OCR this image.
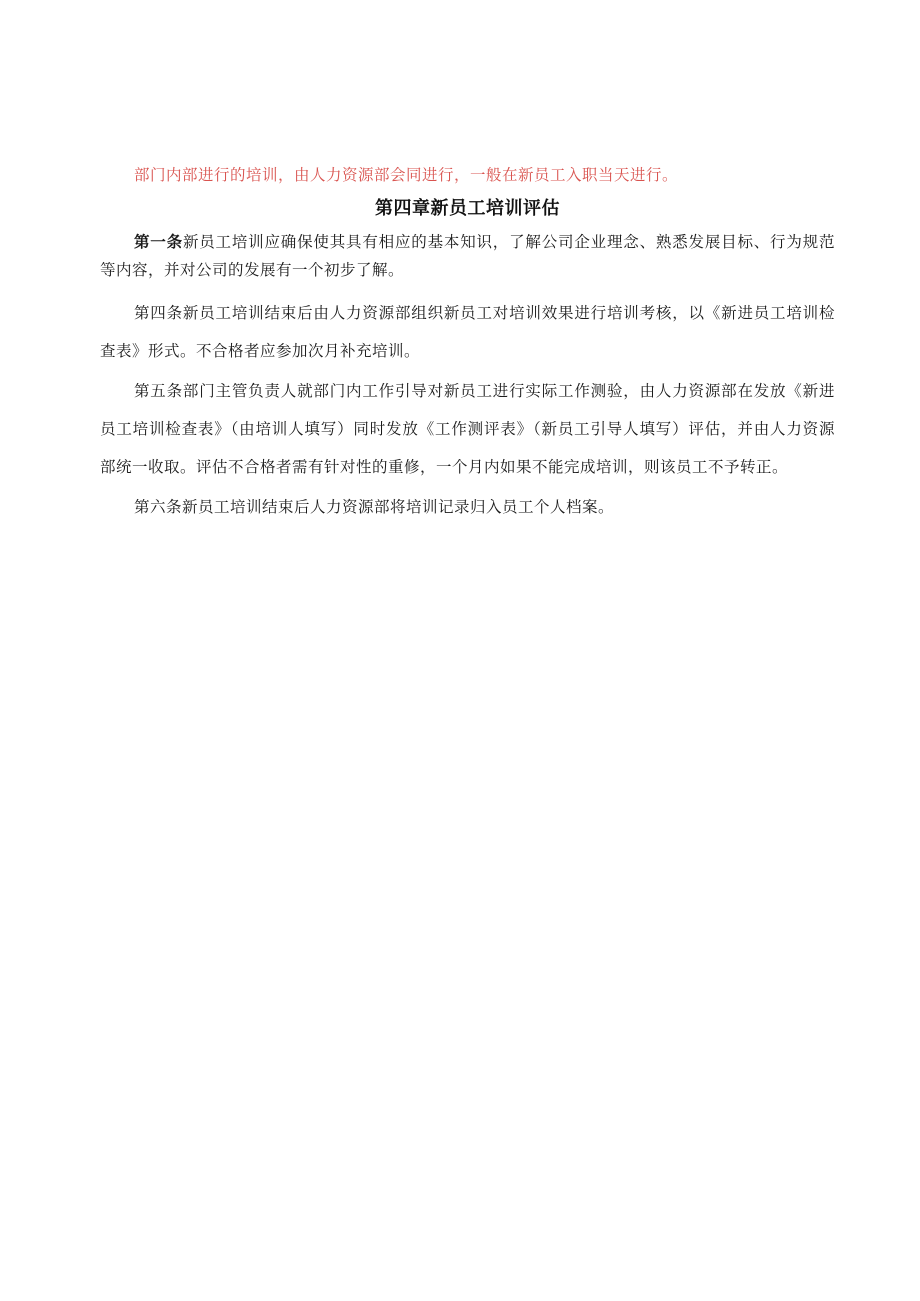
部门内部进行的培训，由人力资源部会同进行，一般在新员工入职当天进行。

第四章新员工培训评估

第一条新员工培训应确保使其具有相应的基本知识，了解公司企业理念、熟悉发展目标、行为规范等内容，并对公司的发展有一个初步了解。

第四条新员工培训结束后由人力资源部组织新员工对培训效果进行培训考核，以《新进员工培训检查表》形式。不合格者应参加次月补充培训。

第五条部门主管负责人就部门内工作引导对新员工进行实际工作测验，由人力资源部在发放《新进员工培训检查表》（由培训人填写）同时发放《工作测评表》（新员工引导人填写）评估，并由人力资源部统一收取。评估不合格者需有针对性的重修，一个月内如果不能完成培训，则该员工不予转正。

第六条新员工培训结束后人力资源部将培训记录归入员工个人档案。
